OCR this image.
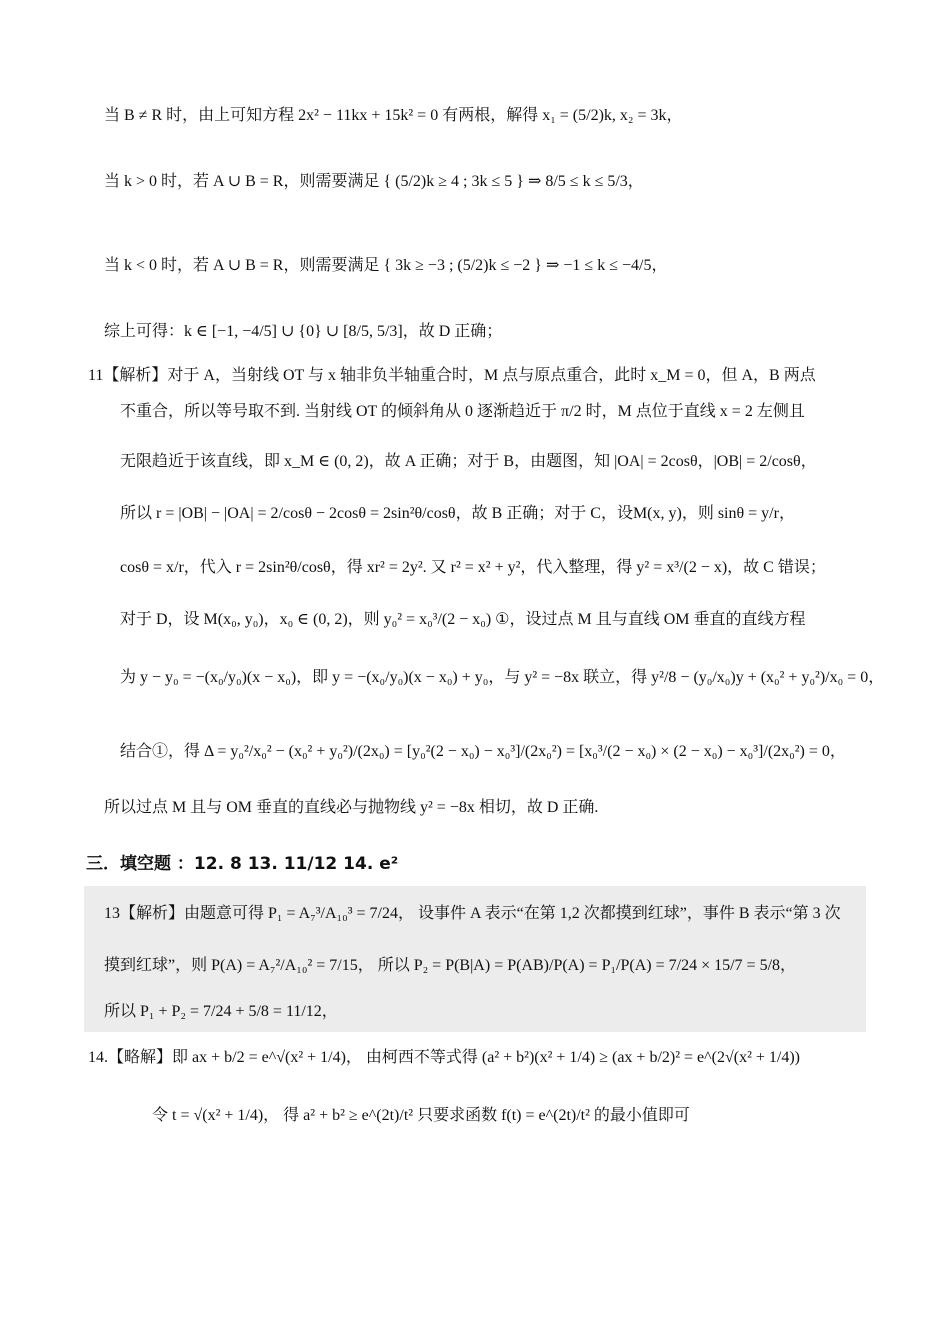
当 B ≠ R 时，由上可知方程 2x² − 11kx + 15k² = 0 有两根，解得 x₁ = (5/2)k, x₂ = 3k，
当 k > 0 时，若 A ∪ B = R，则需要满足 { (5/2)k ≥ 4 ; 3k ≤ 5 } ⇒ 8/5 ≤ k ≤ 5/3，
当 k < 0 时，若 A ∪ B = R，则需要满足 { 3k ≥ −3 ; (5/2)k ≤ −2 } ⇒ −1 ≤ k ≤ −4/5，
综上可得：k ∈ [−1, −4/5] ∪ {0} ∪ [8/5, 5/3]，故 D 正确；
11【解析】对于 A，当射线 OT 与 x 轴非负半轴重合时，M 点与原点重合，此时 x_M = 0，但 A，B 两点
不重合，所以等号取不到. 当射线 OT 的倾斜角从 0 逐渐趋近于 π/2 时，M 点位于直线 x = 2 左侧且
无限趋近于该直线，即 x_M ∈ (0, 2)，故 A 正确；对于 B，由题图，知 |OA| = 2cosθ，|OB| = 2/cosθ，
所以 r = |OB| − |OA| = 2/cosθ − 2cosθ = 2sin²θ/cosθ，故 B 正确；对于 C，设M(x, y)，则 sinθ = y/r，
cosθ = x/r，代入 r = 2sin²θ/cosθ，得 xr² = 2y². 又 r² = x² + y²，代入整理，得 y² = x³/(2 − x)，故 C 错误；
对于 D，设 M(x₀, y₀)，x₀ ∈ (0, 2)，则 y₀² = x₀³/(2 − x₀) ①，设过点 M 且与直线 OM 垂直的直线方程
为 y − y₀ = −(x₀/y₀)(x − x₀)，即 y = −(x₀/y₀)(x − x₀) + y₀，与 y² = −8x 联立，得 y²/8 − (y₀/x₀)y + (x₀² + y₀²)/x₀ = 0，
结合①，得 Δ = y₀²/x₀² − (x₀² + y₀²)/(2x₀) = [y₀²(2 − x₀) − x₀³]/(2x₀²) = [x₀³/(2 − x₀) × (2 − x₀) − x₀³]/(2x₀²) = 0，
所以过点 M 且与 OM 垂直的直线必与抛物线 y² = −8x 相切，故 D 正确.
三．填空题 ：12. 8 13. 11/12 14. e²
13【解析】由题意可得 P₁ = A₇³/A₁₀³ = 7/24， 设事件 A 表示“在第 1,2 次都摸到红球”，事件 B 表示“第 3 次
摸到红球”，则 P(A) = A₇²/A₁₀² = 7/15， 所以 P₂ = P(B|A) = P(AB)/P(A) = P₁/P(A) = 7/24 × 15/7 = 5/8，
所以 P₁ + P₂ = 7/24 + 5/8 = 11/12，
14.【略解】即 ax + b/2 = e^√(x² + 1/4)， 由柯西不等式得 (a² + b²)(x² + 1/4) ≥ (ax + b/2)² = e^(2√(x² + 1/4))
令 t = √(x² + 1/4)， 得 a² + b² ≥ e^(2t)/t² 只要求函数 f(t) = e^(2t)/t² 的最小值即可
